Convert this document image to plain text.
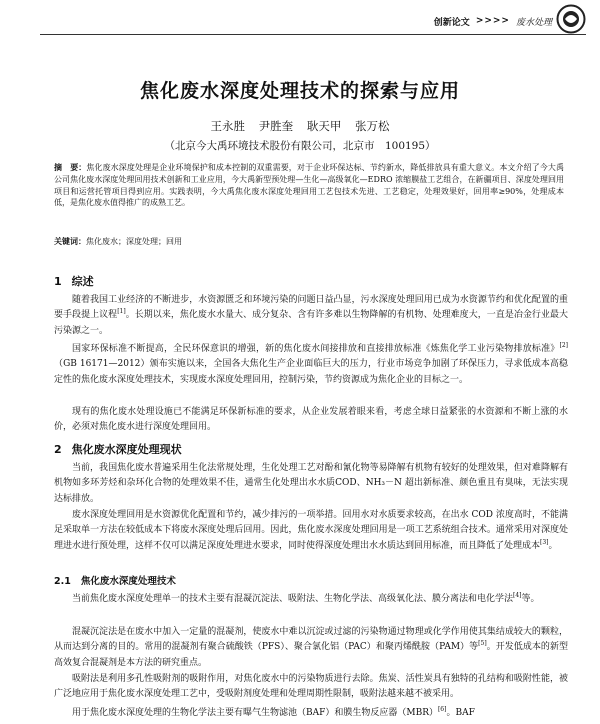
创新论文 >>>> 废水处理
焦化废水深度处理技术的探索与应用
王永胜 尹胜奎 耿天甲 张万松
（北京今大禹环境技术股份有限公司，北京市　100195）
摘　要：焦化废水深度处理是企业环境保护和成本控制的双重需要，对于企业环保达标、节约新水，降低排放具有重大意义。本文介绍了今大禹公司焦化废水深度处理回用技术创新和工业应用，今大禹新型预处理—生化—高级氧化—EDRO 浓缩膜盐工艺组合，在新疆项目、深度处理回用项目和运营托管项目得到应用。实践表明，今大禹焦化废水深度处理回用工艺包技术先进、工艺稳定，处理效果好，回用率≥90%，处理成本低，是焦化废水值得推广的成熟工艺。
关键词：焦化废水；深度处理；回用
1 综述
随着我国工业经济的不断进步，水资源匮乏和环境污染的问题日益凸显，污水深度处理回用已成为水资源节约和优化配置的重要手段提上议程[1]。长期以来，焦化废水水量大、成分复杂、含有许多难以生物降解的有机物、处理难度大，一直是冶金行业最大污染源之一。
国家环保标准不断提高，全民环保意识的增强，新的焦化废水间接排放和直接排放标准《炼焦化学工业污染物排放标准》[2]（GB 16171—2012）颁布实施以来，全国各大焦化生产企业面临巨大的压力，行业市场竞争加剧了环保压力，寻求低成本高稳定性的焦化废水深度处理技术，实现废水深度处理回用，控制污染，节约资源成为焦化企业的目标之一。
现有的焦化废水处理设施已不能满足环保新标准的要求，从企业发展着眼来看，考虑全球日益紧张的水资源和不断上涨的水价，必须对焦化废水进行深度处理回用。
2 焦化废水深度处理现状
当前，我国焦化废水普遍采用生化法常规处理，生化处理工艺对酚和氰化物等易降解有机物有较好的处理效果，但对难降解有机物如多环芳烃和杂环化合物的处理效果不佳，通常生化处理出水水质COD、NH₃－N 超出新标准、颜色重且有臭味，无法实现达标排放。
废水深度处理回用是水资源优化配置和节约，减少排污的一项举措。回用水对水质要求较高，在出水 COD 浓度高时，不能满足采取单一方法在较低成本下将废水深度处理后回用。因此，焦化废水深度处理回用是一项工艺系统组合技术。通常采用对深度处理进水进行预处理，这样不仅可以满足深度处理进水要求，同时使得深度处理出水水质达到回用标准，而且降低了处理成本[3]。
2.1 焦化废水深度处理技术
当前焦化废水深度处理单一的技术主要有混凝沉淀法、吸附法、生物化学法、高级氧化法、膜分离法和电化学法[4]等。
混凝沉淀法是在废水中加入一定量的混凝剂，使废水中难以沉淀或过滤的污染物通过物理或化学作用使其集结成较大的颗粒，从而达到分离的目的。常用的混凝剂有聚合硫酸铁（PFS）、聚合氯化铝（PAC）和聚丙烯酰胺（PAM）等[5]。开发低成本的新型高效复合混凝剂是本方法的研究重点。
吸附法是利用多孔性吸附剂的吸附作用，对焦化废水中的污染物质进行去除。焦炭、活性炭具有独特的孔结构和吸附性能，被广泛地应用于焦化废水深度处理工艺中，受吸附剂度处理和处理周期性限制，吸附法越来越不被采用。
用于焦化废水深度处理的生物化学法主要有曝气生物滤池（BAF）和膜生物反应器（MBR）[6]。BAF
